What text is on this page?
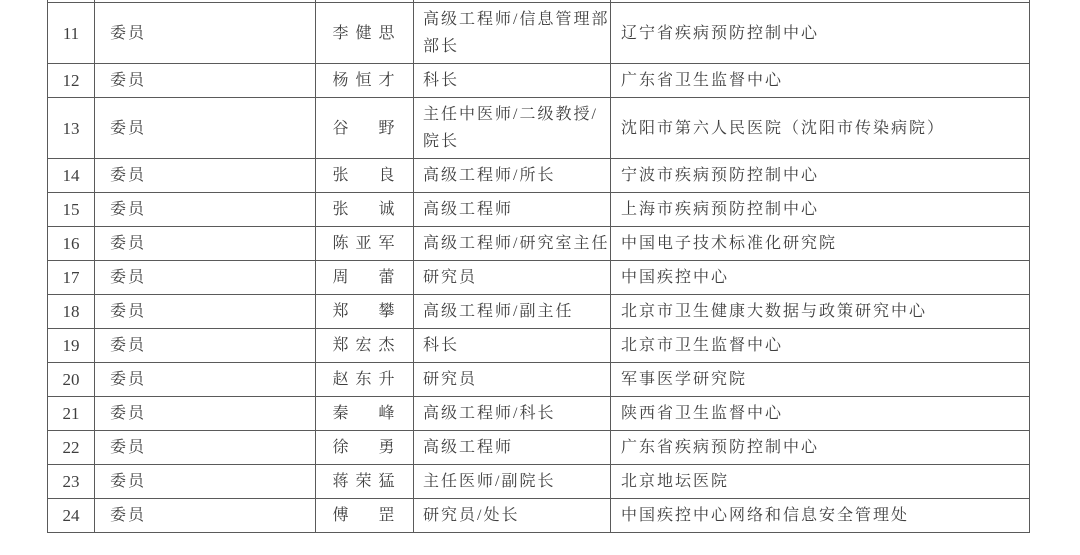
11	委员	李健思	高级工程师/信息管理部部长	辽宁省疾病预防控制中心
12	委员	杨恒才	科长	广东省卫生监督中心
13	委员	谷野	主任中医师/二级教授/院长	沈阳市第六人民医院（沈阳市传染病院）
14	委员	张良	高级工程师/所长	宁波市疾病预防控制中心
15	委员	张诚	高级工程师	上海市疾病预防控制中心
16	委员	陈亚军	高级工程师/研究室主任	中国电子技术标准化研究院
17	委员	周蕾	研究员	中国疾控中心
18	委员	郑攀	高级工程师/副主任	北京市卫生健康大数据与政策研究中心
19	委员	郑宏杰	科长	北京市卫生监督中心
20	委员	赵东升	研究员	军事医学研究院
21	委员	秦峰	高级工程师/科长	陕西省卫生监督中心
22	委员	徐勇	高级工程师	广东省疾病预防控制中心
23	委员	蒋荣猛	主任医师/副院长	北京地坛医院
24	委员	傅罡	研究员/处长	中国疾控中心网络和信息安全管理处
